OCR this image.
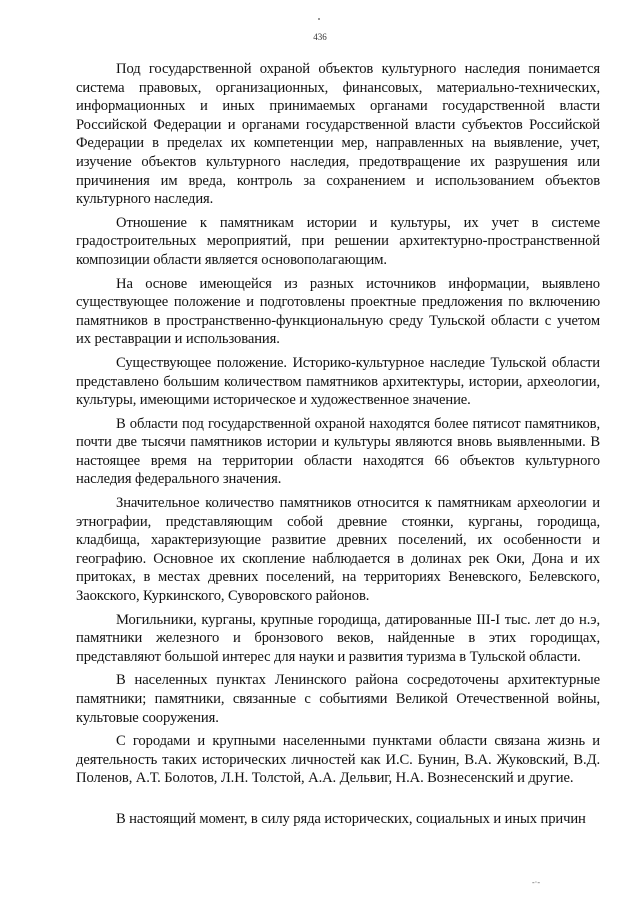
436

Под государственной охраной объектов культурного наследия понимается система правовых, организационных, финансовых, материально-технических, информационных и иных принимаемых органами государственной власти Российской Федерации и органами государственной власти субъектов Российской Федерации в пределах их компетенции мер, направленных на выявление, учет, изучение объектов культурного наследия, предотвращение их разрушения или причинения им вреда, контроль за сохранением и использованием объектов культурного наследия.

Отношение к памятникам истории и культуры, их учет в системе градостроительных мероприятий, при решении архитектурно-пространственной композиции области является основополагающим.

На основе имеющейся из разных источников информации, выявлено существующее положение и подготовлены проектные предложения по включению памятников в пространственно-функциональную среду Тульской области с учетом их реставрации и использования.

Существующее положение. Историко-культурное наследие Тульской области представлено большим количеством памятников архитектуры, истории, археологии, культуры, имеющими историческое и художественное значение.

В области под государственной охраной находятся более пятисот памятников, почти две тысячи памятников истории и культуры являются вновь выявленными. В настоящее время на территории области находятся 66 объектов культурного наследия федерального значения.

Значительное количество памятников относится к памятникам археологии и этнографии, представляющим собой древние стоянки, курганы, городища, кладбища, характеризующие развитие древних поселений, их особенности и географию. Основное их скопление наблюдается в долинах рек Оки, Дона и их притоках, в местах древних поселений, на территориях Веневского, Белевского, Заокского, Куркинского, Суворовского районов.

Могильники, курганы, крупные городища, датированные III-I тыс. лет до н.э, памятники железного и бронзового веков, найденные в этих городищах, представляют большой интерес для науки и развития туризма в Тульской области.

В населенных пунктах Ленинского района сосредоточены архитектурные памятники; памятники, связанные с событиями Великой Отечественной войны, культовые сооружения.

С городами и крупными населенными пунктами области связана жизнь и деятельность таких исторических личностей как И.С. Бунин, В.А. Жуковский, В.Д. Поленов, А.Т. Болотов, Л.Н. Толстой, А.А. Дельвиг, Н.А. Вознесенский и другие.

В настоящий момент, в силу ряда исторических, социальных и иных причин

-·-
